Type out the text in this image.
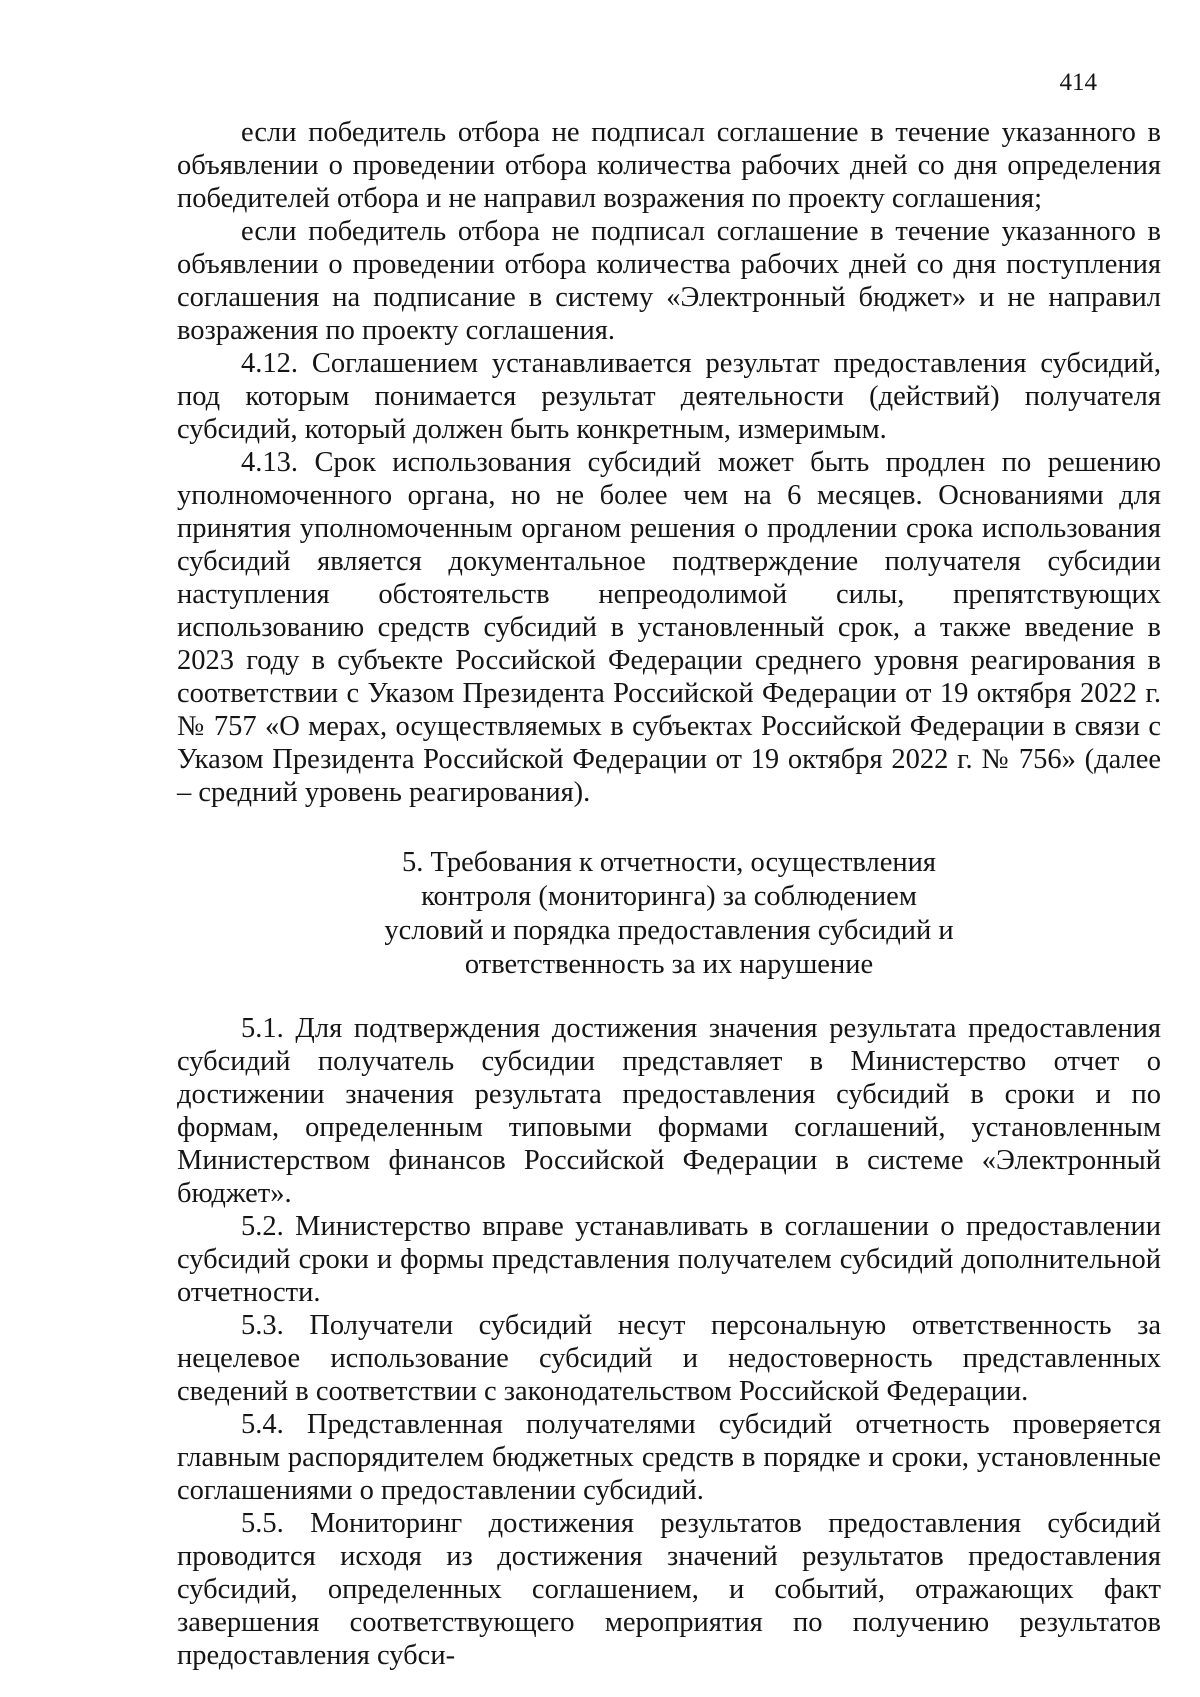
414

если победитель отбора не подписал соглашение в течение указанного в объявлении о проведении отбора количества рабочих дней со дня определения победителей отбора и не направил возражения по проекту соглашения;

если победитель отбора не подписал соглашение в течение указанного в объявлении о проведении отбора количества рабочих дней со дня поступления соглашения на подписание в систему «Электронный бюджет» и не направил возражения по проекту соглашения.

4.12. Соглашением устанавливается результат предоставления субсидий, под которым понимается результат деятельности (действий) получателя субсидий, который должен быть конкретным, измеримым.

4.13. Срок использования субсидий может быть продлен по решению уполномоченного органа, но не более чем на 6 месяцев. Основаниями для принятия уполномоченным органом решения о продлении срока использования субсидий является документальное подтверждение получателя субсидии наступления обстоятельств непреодолимой силы, препятствующих использованию средств субсидий в установленный срок, а также введение в 2023 году в субъекте Российской Федерации среднего уровня реагирования в соответствии с Указом Президента Российской Федерации от 19 октября 2022 г. № 757 «О мерах, осуществляемых в субъектах Российской Федерации в связи с Указом Президента Российской Федерации от 19 октября 2022 г. № 756» (далее – средний уровень реагирования).

5. Требования к отчетности, осуществления
контроля (мониторинга) за соблюдением
условий и порядка предоставления субсидий и
ответственность за их нарушение

5.1. Для подтверждения достижения значения результата предоставления субсидий получатель субсидии представляет в Министерство отчет о достижении значения результата предоставления субсидий в сроки и по формам, определенным типовыми формами соглашений, установленным Министерством финансов Российской Федерации в системе «Электронный бюджет».

5.2. Министерство вправе устанавливать в соглашении о предоставлении субсидий сроки и формы представления получателем субсидий дополнительной отчетности.

5.3. Получатели субсидий несут персональную ответственность за нецелевое использование субсидий и недостоверность представленных сведений в соответствии с законодательством Российской Федерации.

5.4. Представленная получателями субсидий отчетность проверяется главным распорядителем бюджетных средств в порядке и сроки, установленные соглашениями о предоставлении субсидий.

5.5. Мониторинг достижения результатов предоставления субсидий проводится исходя из достижения значений результатов предоставления субсидий, определенных соглашением, и событий, отражающих факт завершения соответствующего мероприятия по получению результатов предоставления субси-
